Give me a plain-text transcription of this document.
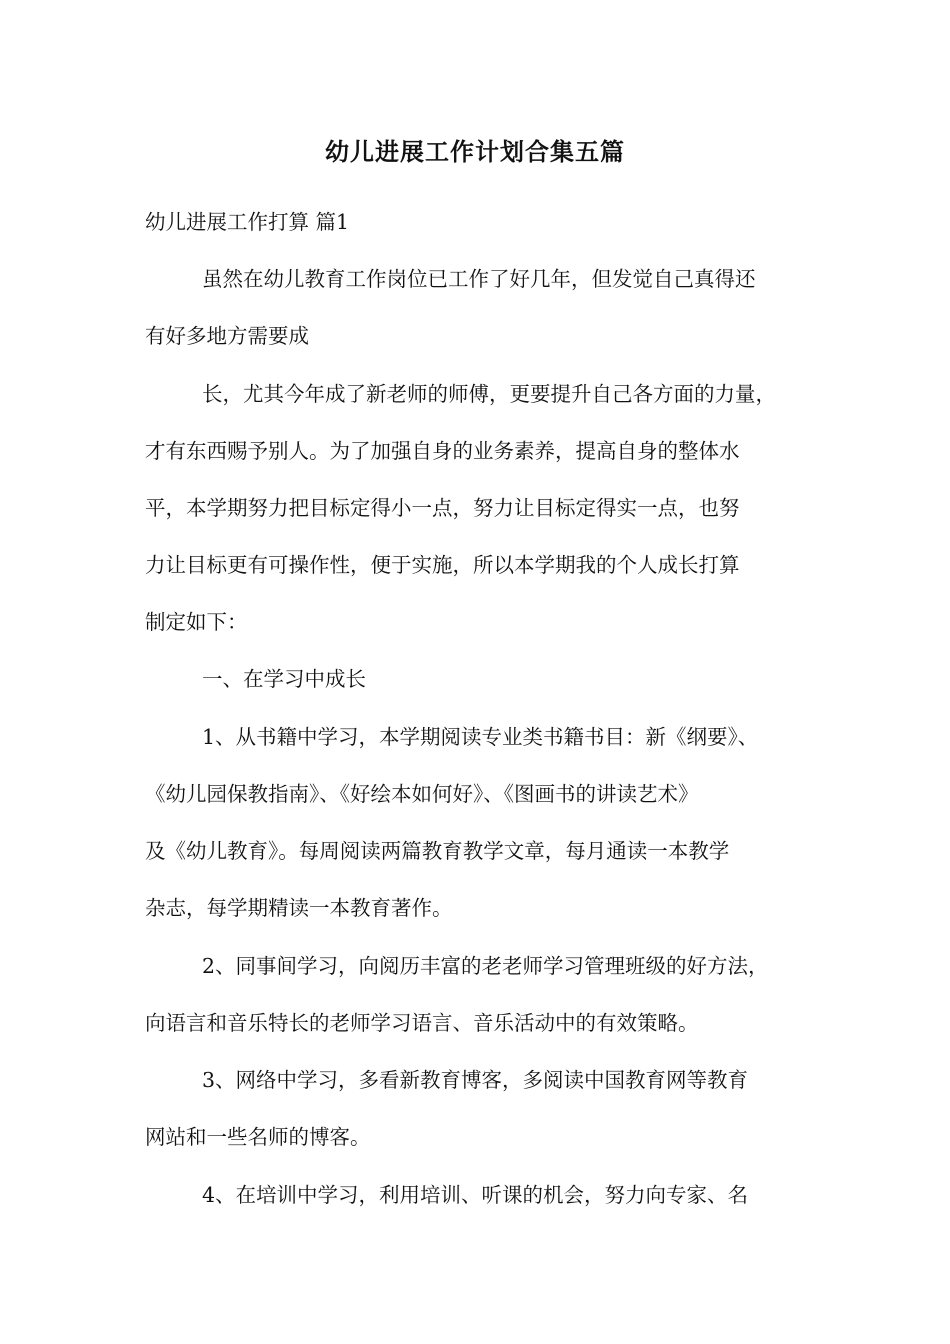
幼儿进展工作计划合集五篇
幼儿进展工作打算 篇1
虽然在幼儿教育工作岗位已工作了好几年，但发觉自己真得还
有好多地方需要成
长，尤其今年成了新老师的师傅，更要提升自己各方面的力量，
才有东西赐予别人。为了加强自身的业务素养，提高自身的整体水
平，本学期努力把目标定得小一点，努力让目标定得实一点，也努
力让目标更有可操作性，便于实施，所以本学期我的个人成长打算
制定如下：
一、在学习中成长
1、从书籍中学习，本学期阅读专业类书籍书目：新《纲要》、
《幼儿园保教指南》、《好绘本如何好》、《图画书的讲读艺术》
及《幼儿教育》。每周阅读两篇教育教学文章，每月通读一本教学
杂志，每学期精读一本教育著作。
2、同事间学习，向阅历丰富的老老师学习管理班级的好方法，
向语言和音乐特长的老师学习语言、音乐活动中的有效策略。
3、网络中学习，多看新教育博客，多阅读中国教育网等教育
网站和一些名师的博客。
4、在培训中学习，利用培训、听课的机会，努力向专家、名
